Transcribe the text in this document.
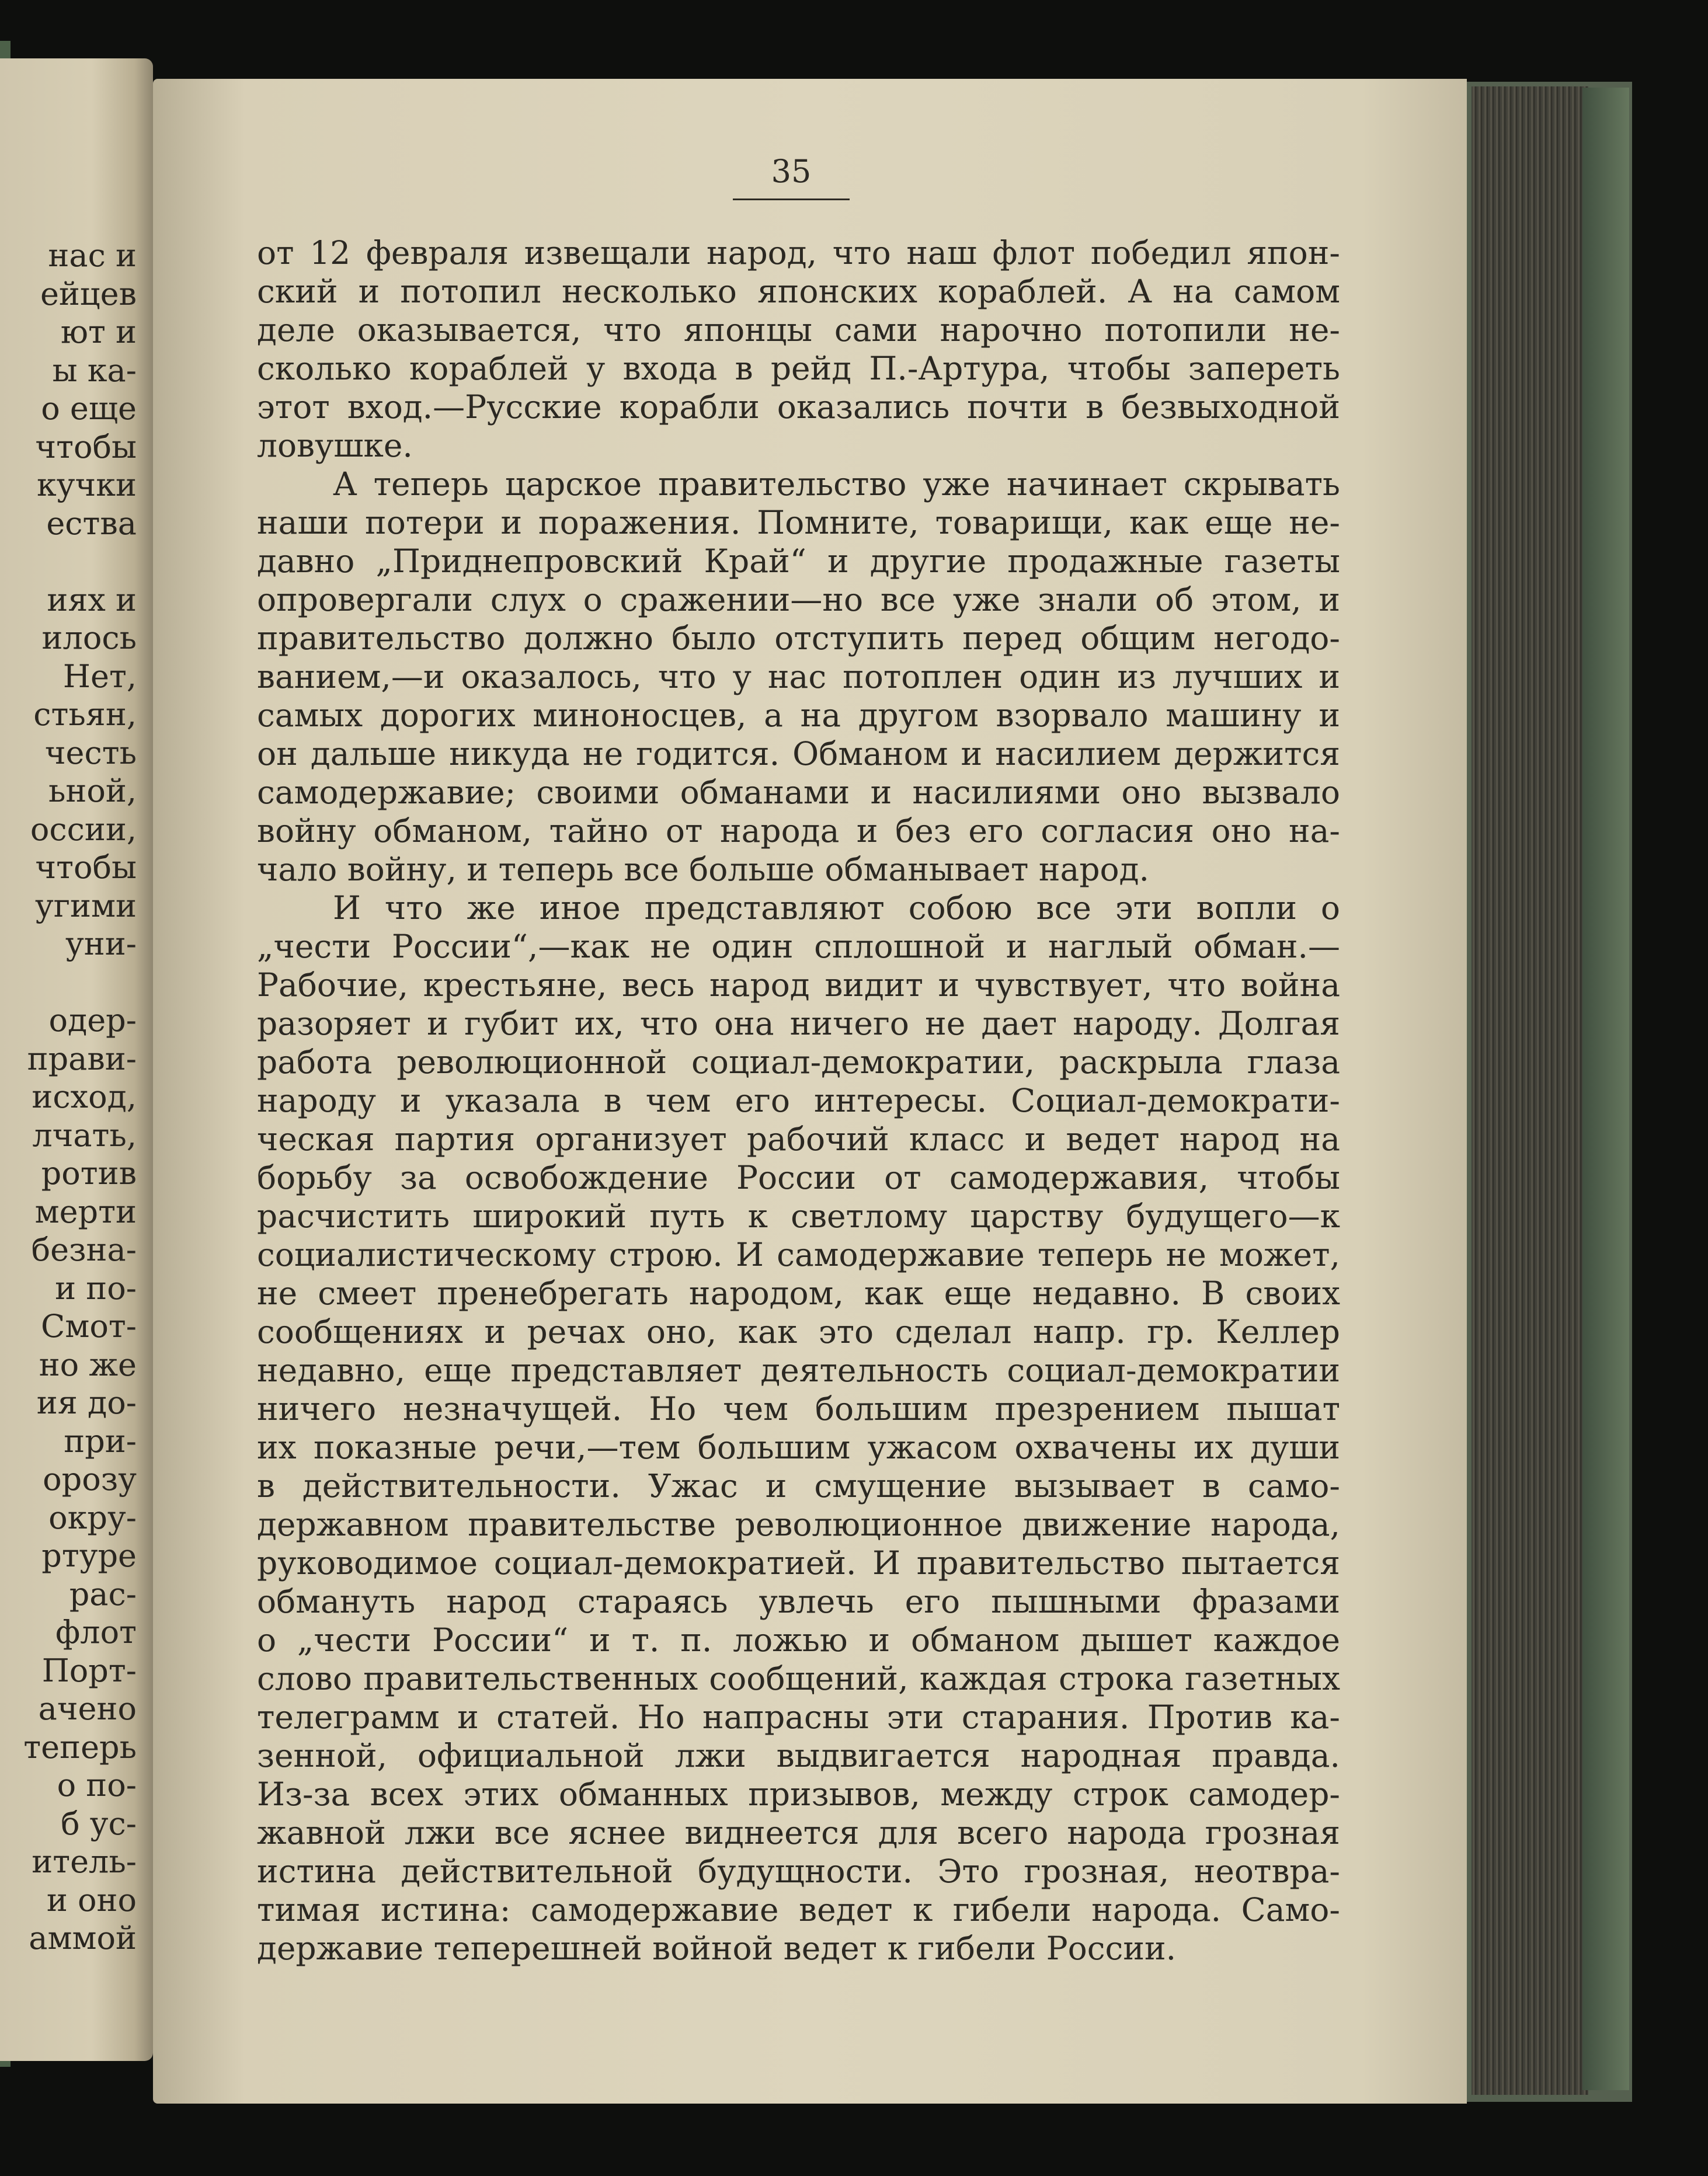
нас и
ейцев
ют и
ы ка-
о еще
чтобы
кучки
ества
иях и
илось
Нет,
стьян,
честь
ьной,
оссии,
чтобы
угими
уни-
одер-
прави-
исход,
лчать,
ротив
мерти
безна-
и по-
Смот-
но же
ия до-
при-
орозу
окру-
ртуре
рас-
флот
Порт-
ачено
теперь
о по-
б ус-
итель-
и оно
аммой
35
от 12 февраля извещали народ, что наш флот победил япон-
ский и потопил несколько японских кораблей. А на самом
деле оказывается, что японцы сами нарочно потопили не-
сколько кораблей у входа в рейд П.-Артура, чтобы запереть
этот вход.—Русские корабли оказались почти в безвыходной
ловушке.
А теперь царское правительство уже начинает скрывать
наши потери и поражения. Помните, товарищи, как еще не-
давно „Приднепровский Край“ и другие продажные газеты
опровергали слух о сражении—но все уже знали об этом, и
правительство должно было отступить перед общим негодо-
ванием,—и оказалось, что у нас потоплен один из лучших и
самых дорогих миноносцев, а на другом взорвало машину и
он дальше никуда не годится. Обманом и насилием держится
самодержавие; своими обманами и насилиями оно вызвало
войну обманом, тайно от народа и без его согласия оно на-
чало войну, и теперь все больше обманывает народ.
И что же иное представляют собою все эти вопли о
„чести России“,—как не один сплошной и наглый обман.—
Рабочие, крестьяне, весь народ видит и чувствует, что война
разоряет и губит их, что она ничего не дает народу. Долгая
работа революционной социал-демократии, раскрыла глаза
народу и указала в чем его интересы. Социал-демократи-
ческая партия организует рабочий класс и ведет народ на
борьбу за освобождение России от самодержавия, чтобы
расчистить широкий путь к светлому царству будущего—к
социалистическому строю. И самодержавие теперь не может,
не смеет пренебрегать народом, как еще недавно. В своих
сообщениях и речах оно, как это сделал напр. гр. Келлер
недавно, еще представляет деятельность социал-демократии
ничего незначущей. Но чем большим презрением пышат
их показные речи,—тем большим ужасом охвачены их души
в действительности. Ужас и смущение вызывает в само-
державном правительстве революционное движение народа,
руководимое социал-демократией. И правительство пытается
обмануть народ стараясь увлечь его пышными фразами
о „чести России“ и т. п. ложью и обманом дышет каждое
слово правительственных сообщений, каждая строка газетных
телеграмм и статей. Но напрасны эти старания. Против ка-
зенной, официальной лжи выдвигается народная правда.
Из-за всех этих обманных призывов, между строк самодер-
жавной лжи все яснее виднеется для всего народа грозная
истина действительной будущности. Это грозная, неотвра-
тимая истина: самодержавие ведет к гибели народа. Само-
державие теперешней войной ведет к гибели России.
